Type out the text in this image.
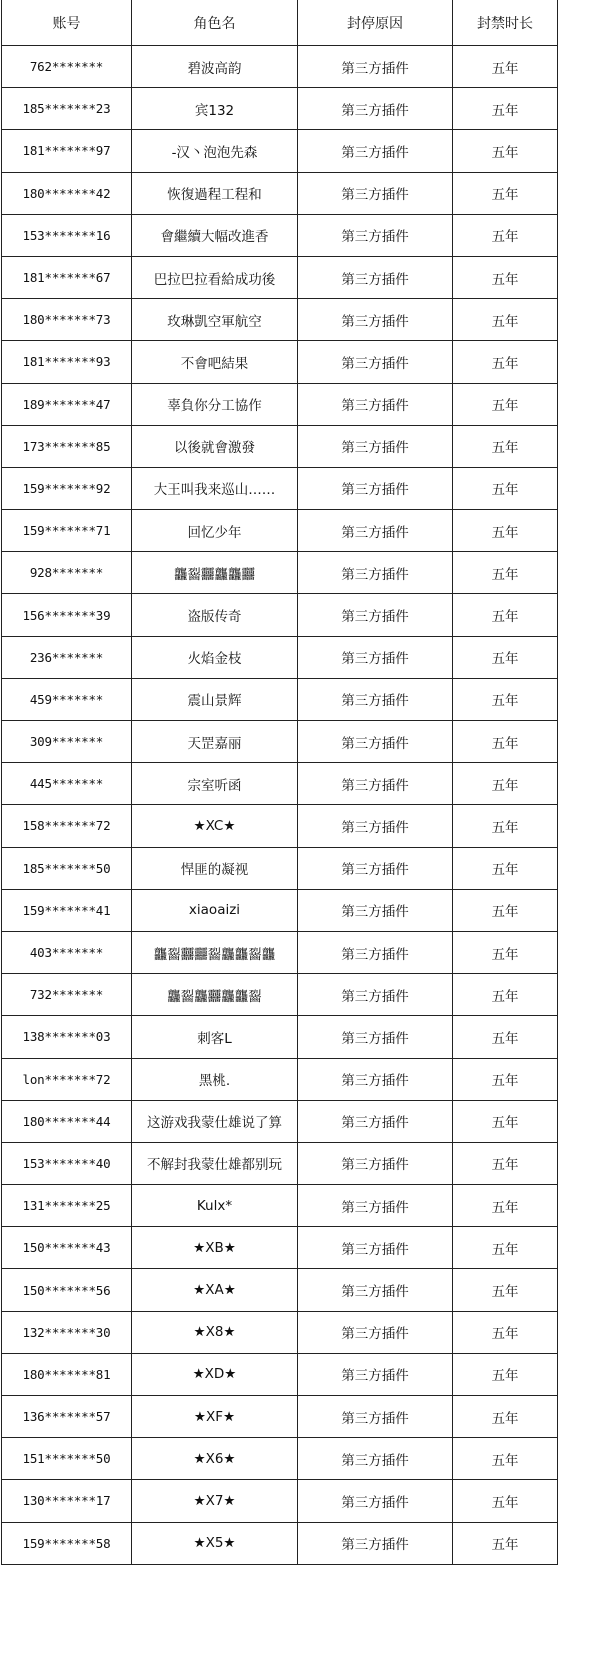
账号	角色名	封停原因	封禁时长
762*******	碧波高韵	第三方插件	五年
185*******23	宾132	第三方插件	五年
181*******97	-汉丶泡泡先森	第三方插件	五年
180*******42	恢復過程工程和	第三方插件	五年
153*******16	會繼續大幅改進香	第三方插件	五年
181*******67	巴拉巴拉看給成功後	第三方插件	五年
180*******73	玫琳凱空軍航空	第三方插件	五年
181*******93	不會吧結果	第三方插件	五年
189*******47	辜負你分工協作	第三方插件	五年
173*******85	以後就會激發	第三方插件	五年
159*******92	大王叫我来巡山……	第三方插件	五年
159*******71	回忆少年	第三方插件	五年
928*******	龘䶛䨻龘龘䨻	第三方插件	五年
156*******39	盗版传奇	第三方插件	五年
236*******	火焰金枝	第三方插件	五年
459*******	震山景辉	第三方插件	五年
309*******	天罡嘉丽	第三方插件	五年
445*******	宗室听函	第三方插件	五年
158*******72	★XC★	第三方插件	五年
185*******50	悍匪的凝视	第三方插件	五年
159*******41	xiaoaizi	第三方插件	五年
403*******	龘䶛䨻䨻䶛龘龘䶛龘	第三方插件	五年
732*******	龘䶛龘䨻龘龘䶛	第三方插件	五年
138*******03	刺客L	第三方插件	五年
lon*******72	黑桃.	第三方插件	五年
180*******44	这游戏我蒙仕雄说了算	第三方插件	五年
153*******40	不解封我蒙仕雄都别玩	第三方插件	五年
131*******25	Kulx*	第三方插件	五年
150*******43	★XB★	第三方插件	五年
150*******56	★XA★	第三方插件	五年
132*******30	★X8★	第三方插件	五年
180*******81	★XD★	第三方插件	五年
136*******57	★XF★	第三方插件	五年
151*******50	★X6★	第三方插件	五年
130*******17	★X7★	第三方插件	五年
159*******58	★X5★	第三方插件	五年
